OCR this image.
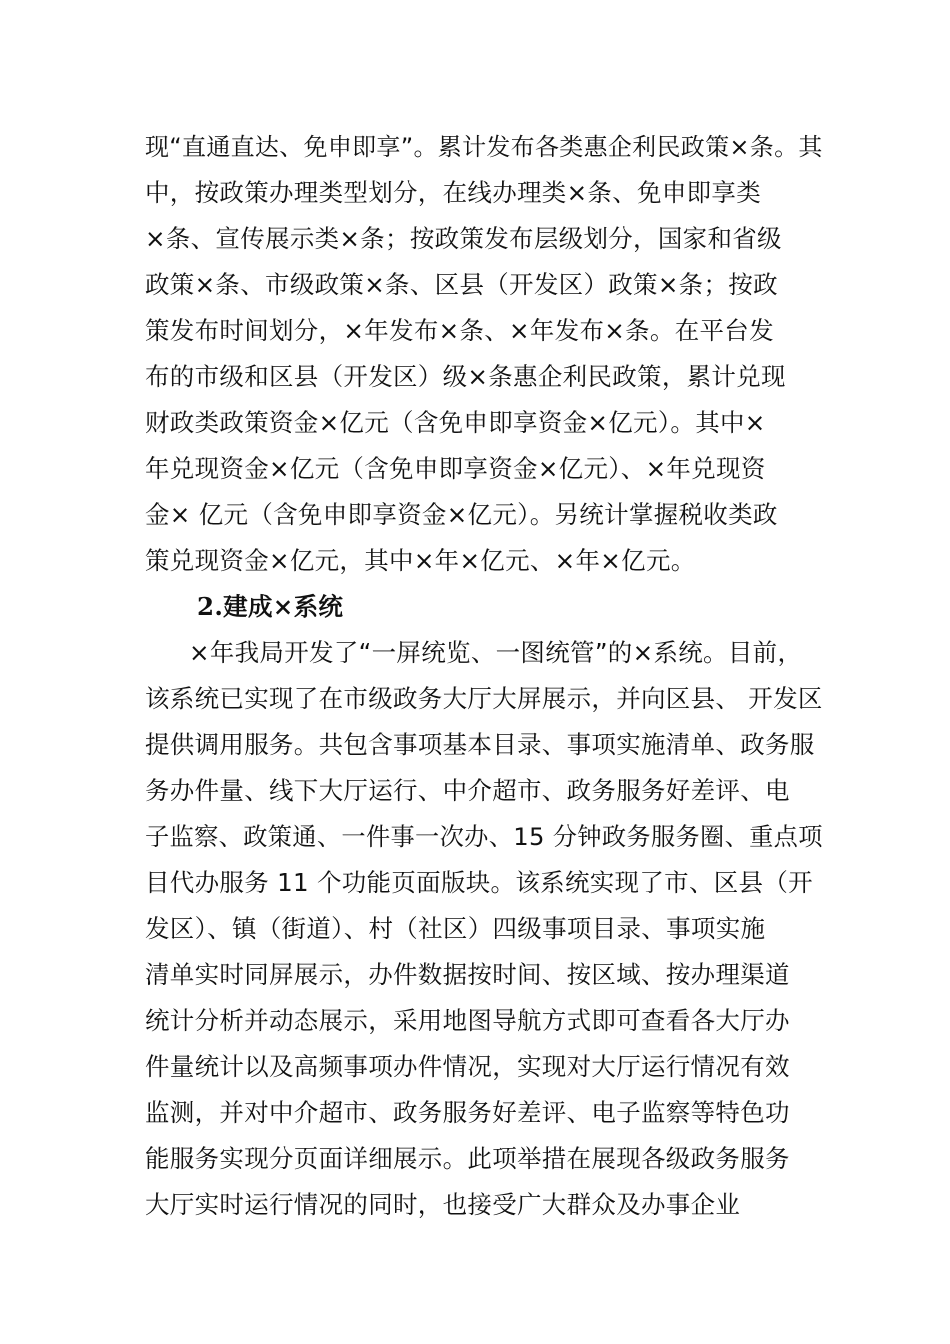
现“直通直达、免申即享”。累计发布各类惠企利民政策×条。其
中，按政策办理类型划分，在线办理类×条、免申即享类
×条、宣传展示类×条；按政策发布层级划分，国家和省级
政策×条、市级政策×条、区县（开发区）政策×条；按政
策发布时间划分，×年发布×条、×年发布×条。在平台发
布的市级和区县（开发区）级×条惠企利民政策，累计兑现
财政类政策资金×亿元（含免申即享资金×亿元）。其中×
年兑现资金×亿元（含免申即享资金×亿元）、×年兑现资
金× 亿元（含免申即享资金×亿元）。另统计掌握税收类政
策兑现资金×亿元，其中×年×亿元、×年×亿元。
2.建成×系统
×年我局开发了“一屏统览、一图统管”的×系统。目前，
该系统已实现了在市级政务大厅大屏展示，并向区县、 开发区
提供调用服务。共包含事项基本目录、事项实施清单、政务服
务办件量、线下大厅运行、中介超市、政务服务好差评、电
子监察、政策通、一件事一次办、15 分钟政务服务圈、重点项
目代办服务 11 个功能页面版块。该系统实现了市、区县（开
发区）、镇（街道）、村（社区）四级事项目录、事项实施
清单实时同屏展示，办件数据按时间、按区域、按办理渠道
统计分析并动态展示，采用地图导航方式即可查看各大厅办
件量统计以及高频事项办件情况，实现对大厅运行情况有效
监测，并对中介超市、政务服务好差评、电子监察等特色功
能服务实现分页面详细展示。此项举措在展现各级政务服务
大厅实时运行情况的同时，也接受广大群众及办事企业
